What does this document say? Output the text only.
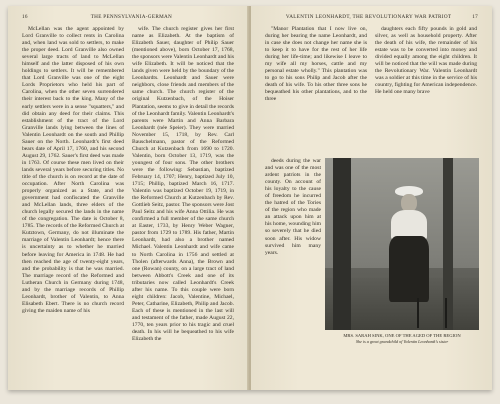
16	THE PENNSYLVANIA-GERMAN

McLellan was the agent appointed by Lord Granville to collect rents in Carolina and, when land was sold to settlers, to make the proper deed. Lord Granville also owned several large tracts of land to McLellan himself and the latter disposed of his own holdings to settlers. It will be remembered that Lord Granville was one of the eight Lords Proprietors who held his part of Carolina, when the other seven surrendered their interest back to the king. Many of the early settlers were in a sense "squatters," and did obtain any deed for their claims. This establishment of the tract of the Lord Granville lands lying between the lines of Valentin Leonhardt on the south and Phillip Sauer on the North. Leonhardt's first deed bears date of April 17, 1760, and his second August 29, 1762. Sauer's first deed was made in 1763. Of course these men lived on their lands several years before securing titles. No title of the church is on record at the date of occupation. After North Carolina was properly organized as a State, and the government had confiscated the Granville and McLellan lands, three elders of the church legally secured the lands in the name of the congregation. The date is October 8, 1785. The records of the Reformed Church at Kutztown, Germany, do not illuminate the marriage of Valentin Leonhardt; hence there is uncertainty as to whether he married before leaving for America in 1748. He had then reached the age of twenty-eight years, and the probability is that he was married. The marriage record of the Reformed and Lutheran Church in Germany during 1748, and by the marriage records of Phillip Leonhardt, brother of Valentin, to Anna Elisabeth Ebert. There is no church record giving the maiden name of his

wife. The church register gives her first name as Elizabeth. At the baptism of Elizabeth Sauer, daughter of Philip Sauer (mentioned above), born October 17, 1768, the sponsors were Valentin Leonhardt and his wife Elizabeth. It will be noticed that the lands given were held by the boundary of the Leonhardts. Leonhardt and Sauer were neighbors, close friends and members of the same church. The church register of the original Kutzenbach, of the Hoiser Plantation, seems to give in detail the records of the Leonhardt family. Valentin Leonhardt's parents were Martin and Anna Barbara Leonhardt (née Speier). They were married November 15, 1718, by Rev. Carl Bauschelmann, pastor of the Reformed Church at Kutzenbach from 1690 to 1720. Valentin, born October 13, 1719, was the youngest of four sons. The other brothers were the following: Sebastian, baptized February 14, 1707; Henry, baptized July 10, 1715; Phillip, baptized March 16, 1717. Valentin was baptized October 19, 1719, in the Reformed Church at Kutzenbach by Rev. Gottlieb Seitz, pastor. The sponsors were Jost Paul Seitz and his wife Anna Ottilia. He was confirmed a full member of the same church at Easter, 1733, by Henry Weber Wagner, pastor from 1729 to 1789. His father, Martin Leonhardt, had also a brother named Michael. Valentin Leonhardt and wife came to North Carolina in 1756 and settled at Tholen (afterwards Anna), the Brown and one (Rowan) county, on a large tract of land between Abbott's Creek and one of its tributaries now called Leonhardt's Creek after his name. To this couple were born eight children: Jacob, Valentine, Michael, Peter, Catharine, Elizabeth, Philip and Jacob. Each of these is mentioned in the last will and testament of the father, made August 22, 1770, ten years prior to his tragic and cruel death. In his will he bequeathed to his wife Elizabeth the

VALENTIN LEONHARDT, THE REVOLUTIONARY WAR PATRIOT	17

"Manor Plantation that I now live on, during her bearing the name Leonhardt, and in case she does not change her name she is to keep it to have for the rest of her life during her life-time; and likewise I leave to my wife all my horses, cattle and my personal estate wholly." This plantation was to go to his sons Philip and Jacob after the death of his wife. To his other three sons he bequeathed his other plantations, and to the three

daughters each fifty pounds in gold and silver, as well as household property. After the death of his wife, the remainder of his estate was to be converted into money and divided equally among the eight children. It will be noticed that the will was made during the Revolutionary War. Valentin Leonhardt was a soldier at this time in the service of his country, fighting for American independence. He held one many brave

deeds during the war and was one of the most ardent patriots in the county. On account of his loyalty to the cause of freedom he incurred the hatred of the Tories of the region who made an attack upon him at his home, wounding him so severely that he died soon after. His widow survived him many years.

MRS. SARAH SINK, ONE OF THE AGED OF THE REGION
She is a great grandchild of Valentin Leonhardt's sister
